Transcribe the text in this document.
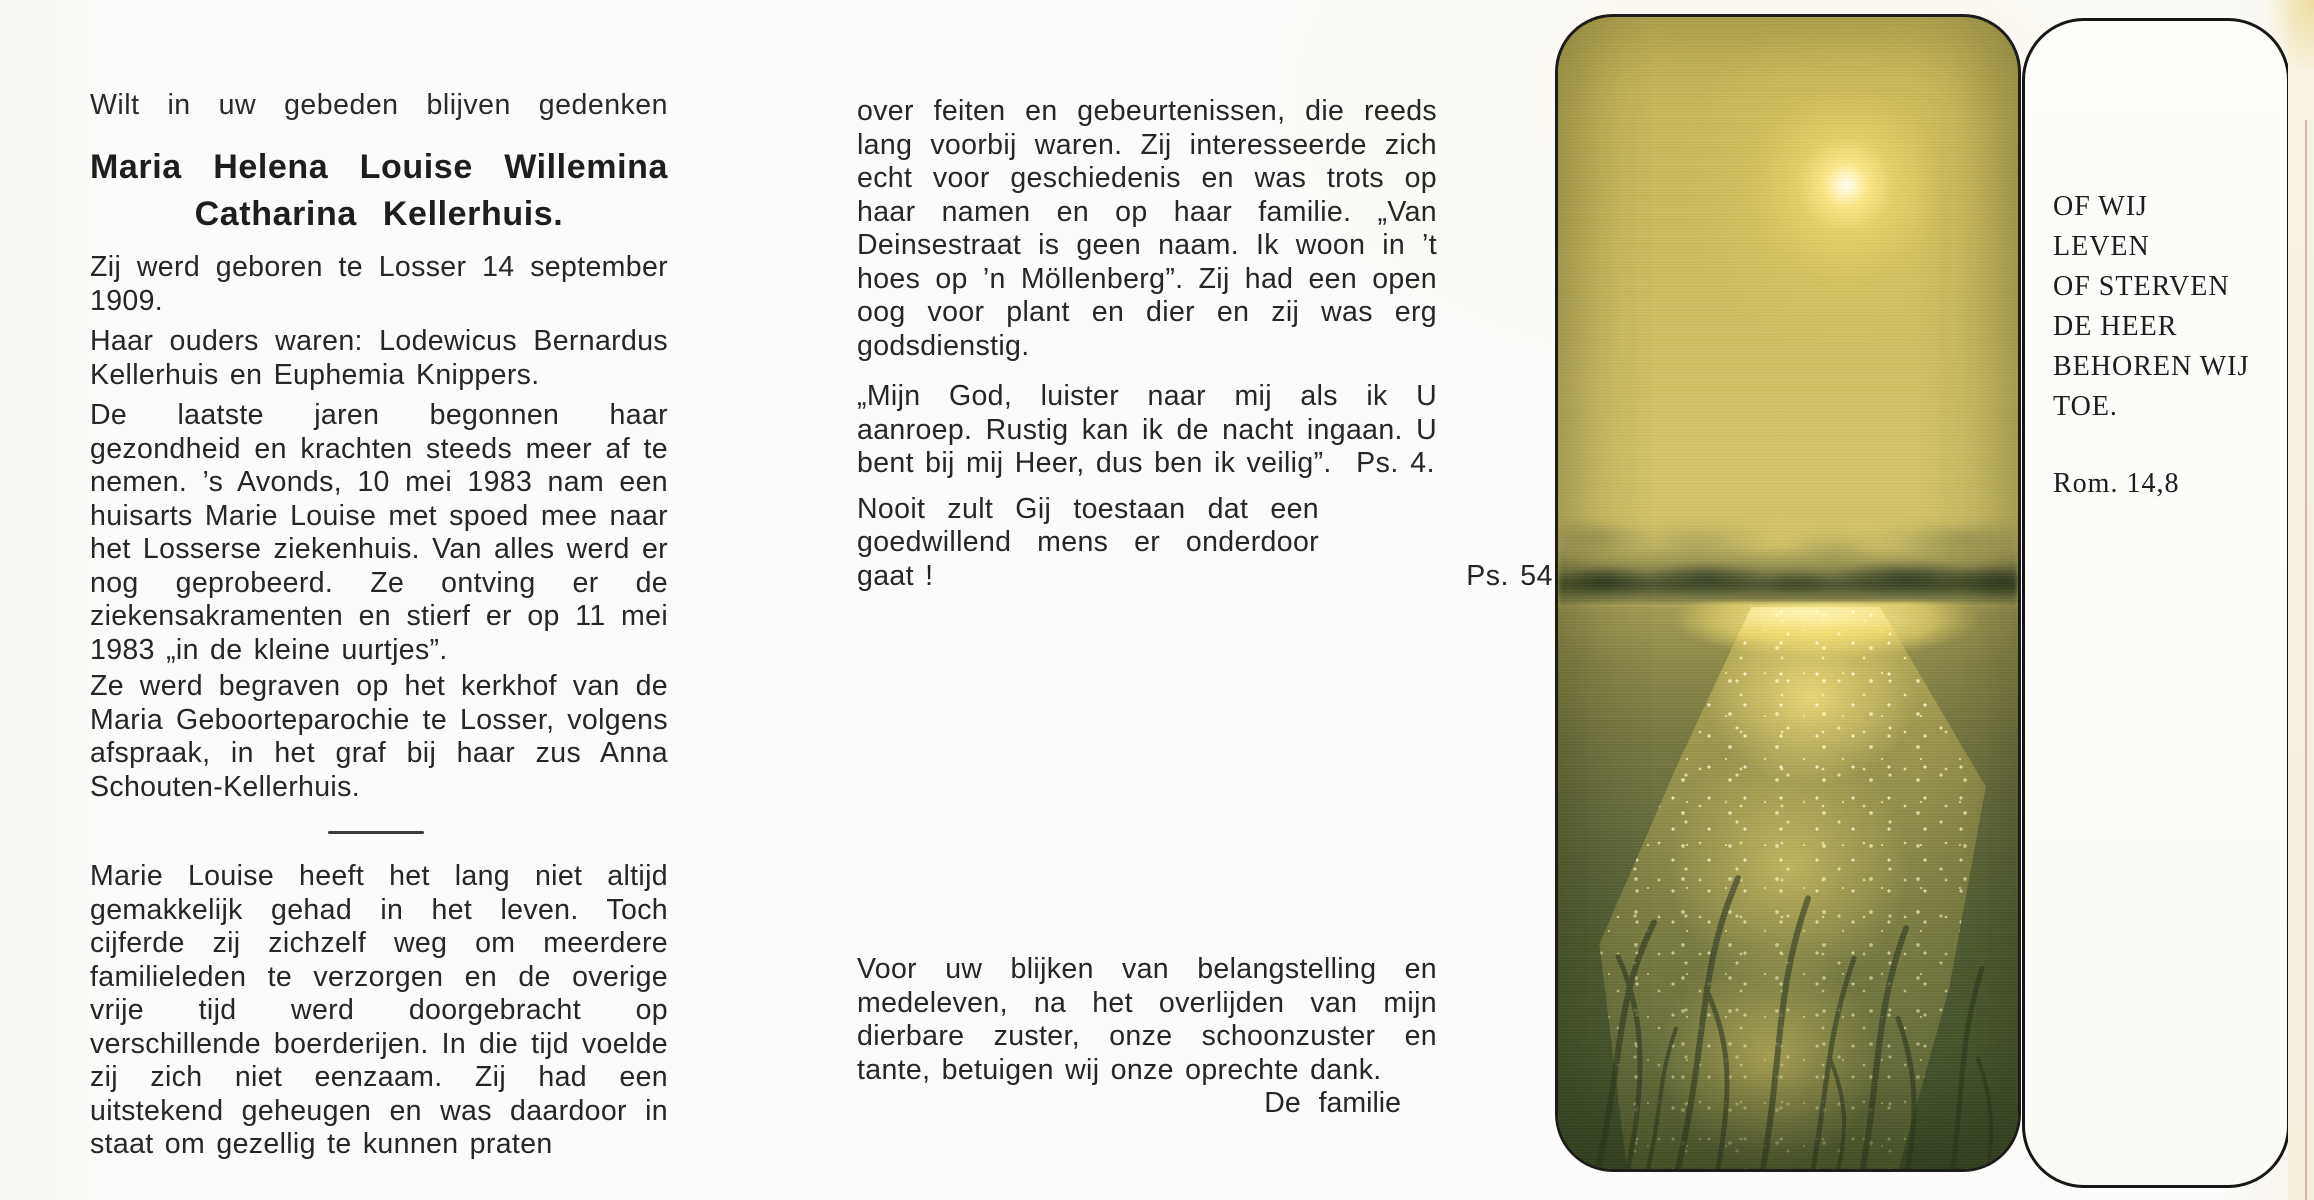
Wilt in uw gebeden blijven gedenken
Maria Helena Louise Willemina
Catharina Kellerhuis.
Zij werd geboren te Losser 14 september 1909.
Haar ouders waren: Lodewicus Bernardus Kellerhuis en Euphemia Knippers.
De laatste jaren begonnen haar gezondheid en krachten steeds meer af te nemen. ’s Avonds, 10 mei 1983 nam een huisarts Marie Louise met spoed mee naar het Losserse ziekenhuis. Van alles werd er nog geprobeerd. Ze ontving er de ziekensakramenten en stierf er op 11 mei 1983 „in de kleine uurtjes”.
Ze werd begraven op het kerkhof van de Maria Geboorteparochie te Losser, volgens afspraak, in het graf bij haar zus Anna Schouten-Kellerhuis.
Marie Louise heeft het lang niet altijd gemakkelijk gehad in het leven. Toch cijferde zij zichzelf weg om meerdere familieleden te verzorgen en de overige vrije tijd werd doorgebracht op verschillende boerderijen. In die tijd voelde zij zich niet eenzaam. Zij had een uitstekend geheugen en was daardoor in staat om gezellig te kunnen praten
over feiten en gebeurtenissen, die reeds lang voorbij waren. Zij interesseerde zich echt voor geschiedenis en was trots op haar namen en op haar familie. „Van Deinsestraat is geen naam. Ik woon in ’t hoes op ’n Möllenberg”. Zij had een open oog voor plant en dier en zij was erg godsdienstig.
„Mijn God, luister naar mij als ik U aanroep. Rustig kan ik de nacht ingaan. U bent bij mij Heer, dus ben ik veilig”. Ps. 4.
Nooit zult Gij toestaan dat een goedwillend mens er onderdoor gaat !	Ps. 54
Voor uw blijken van belangstelling en medeleven, na het overlijden van mijn dierbare zuster, onze schoonzuster en tante, betuigen wij onze oprechte dank.
De familie
OF WIJ
LEVEN
OF STERVEN
DE HEER
BEHOREN WIJ
TOE.
Rom. 14,8
